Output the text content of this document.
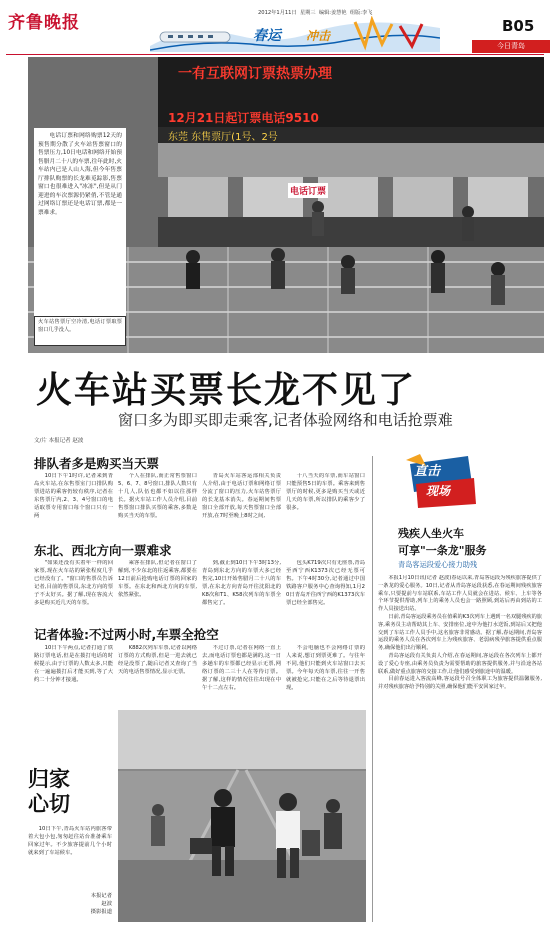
齐鲁晚报
春运 冲击
2012年1月11日 星期三 编辑:姜慧艳 组版:李飞
B05
今日青岛
一有互联网订票热票办理
12月21日起订票电话9510
东莞 东售票厅(1号、2号
电话订票

电话订票和网络购票12天的预售期分散了火车站售票窗口的售票压力,10日电话和网络开始预售腊月二十八的车票,往年此时,火车站内已是人山人海,但今年售票厅排队购票的长龙难觅踪影,售票窗口也很难进入"冰冻",但是从门迎进的车次票源仍紧俏,不管是通过网络订票还是电话订票,都是一票难求。

火车站售票厅空冷清,电话订票取票窗口几乎没人。
火车站买票长龙不见了
窗口多为即买即走乘客,记者体验网络和电话抢票难
文/片 本报记者 赵波
排队者多是购买当天票

10日下午1时许,记者来到青岛火车站,在东售票室门口排队购票进站的乘客仍较有秩序,记者在东售票厅内,2、3、4号窗口的电话取票专用窗口每个窗口只有一两

个人在排队,而正常售票窗口5、6、7、8号窗口,排队人数只有十几人,队伍也都不如以往那样长。据火车站工作人员介绍,目前售票窗口排队买票的乘客,多数是购买当天的车票。

青岛火车站客运部相关负责人介绍,由于电话订票和网络订票分流了窗口的压力,火车站售票厅的长龙基本消失。春运期间售票窗口全部开放,每天售票窗口全部开放,在7时至晚上8时之间,

十八当天的车票,而车站窗口只能预售5日的车票。乘客来到售票厅的时候,更多是购买当天或近几天的车票,所以排队的乘客少了很多。

东北、西北方向一票难求

"如果还没有买着年一样的回家票,现在火车站的紧张程度几乎已经没有了。"窗口的售票员告诉记者,目前的售票员,东北方向的票子不太好买。据了解,现在客流大多是购买近几天的车票。

乘客在排队,但记者在窗口了解到,不少东北的往返乘客,都要在12日前后抢购电话订票的回家的车票。在东北和西北方向的车票,依然紧张。

到,截止到10日下午3时13分,青岛到东北方向的车票大多已经售完,10日开始售腊月二十八的车票,在东北方向青岛开往沈阳北的K8次和T1、K58次列车的车票全都售完了。

包头K719次只有无座票,青岛至西宁西K1373次已经无票可售。下午4时30分,记者通过中国铁路客户服务中心查询得知,1月20日青岛开往西宁西的K1373次车票已经全部售完。

记者体验:不过两小时,车票全抢空

10日下午两点,记者打通了铁路订票电话,但是在拨打电话的时候提示,由于订票的人数太多,只能在一遍遍拨打后才能买到,等了大约二十分钟才接通。

K882次列车车票,记者以网络订票的方式购票,但是一进去就已经是没票了,随后记者又查询了当天的电话售票情况,显示无票。

不过订票,记者在网络一直上去,而电话订票也都是满的,这一日多趟车的车票都已经显示无票,网络订票的二三十人在等待订票。据了解,这样的情况往往出现在中午十二点左右。

不会电脑也不会网络订票的人来说,想订到票更难了。与往年不同,他们只能到火车站窗口去买票。今年每天的车票,往往一开售就被抢完,只能在之后等待退票出现。

归家
心切

10日下午,青岛火车站内旅客带着大包小包,匆匆赶往站台准备乘车回家过年。不少旅客提前几个小时就来到了车站候车。

本报记者
赵波
摄影报道
直击
现场
残疾人坐火车
可享"一条龙"服务
青岛客运段爱心接力助残

本报1月10日讯(记者 赵波)春运以来,青岛客运段为残疾旅客提供了一条龙的爱心服务。10日,记者从青岛客运段获悉,在春运期间残疾旅客乘车,只要提前与车站联系,车站工作人员就会在进站、候车、上车等各个环节提供帮助,列车上的乘务人员也会一路照顾,到站后再由到站的工作人员接送出站。

日前,青岛客运段乘务员在值乘的K3次列车上遇到一名双腿残疾的旅客,乘务员主动帮助其上车、安排座位,途中为他打水送饭,到站后又把他交到了车站工作人员手中,这名旅客非常感动。据了解,春运期间,青岛客运段的乘务人员在各次列车上为残疾旅客、老弱病残孕旅客提供重点服务,确保他们出行顺利。

青岛客运段有关负责人介绍,在春运期间,客运段在各次列车上都开设了爱心专座,由乘务员负责为需要帮助的旅客提供服务,并与沿途各站联系,做好重点旅客的交接工作,让他们感受到旅途中的温暖。

目前春运进入客流高峰,客运段号召全体职工为旅客提供温馨服务,并对残疾旅客给予特别的关照,确保他们能平安回家过年。
